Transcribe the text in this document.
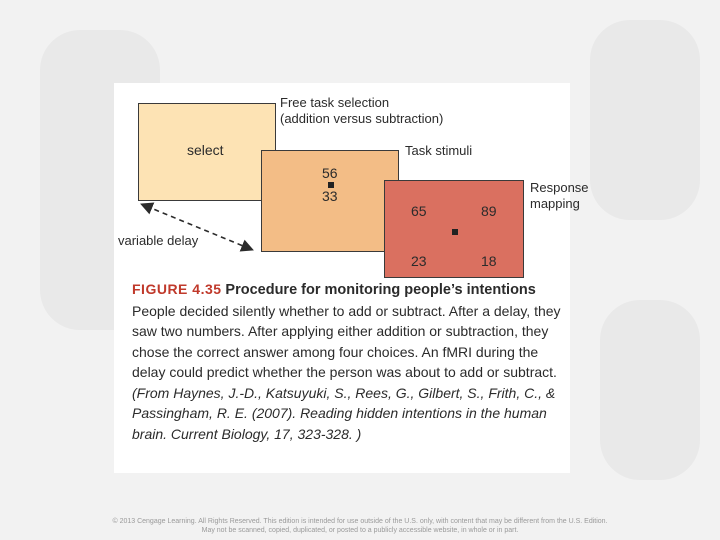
select
56
33
65	89
23	18
Free task selection
(addition versus subtraction)
Task stimuli
Response
mapping
variable delay
FIGURE 4.35 Procedure for monitoring people’s intentions People decided silently whether to add or subtract. After a delay, they saw two numbers. After applying either addition or subtraction, they chose the correct answer among four choices. An fMRI during the delay could predict whether the person was about to add or subtract. (From Haynes, J.-D., Katsuyuki, S., Rees, G., Gilbert, S., Frith, C., & Passingham, R. E. (2007). Reading hidden intentions in the human brain. Current Biology, 17, 323-328. )
© 2013 Cengage Learning. All Rights Reserved. This edition is intended for use outside of the U.S. only, with content that may be different from the U.S. Edition.
May not be scanned, copied, duplicated, or posted to a publicly accessible website, in whole or in part.
